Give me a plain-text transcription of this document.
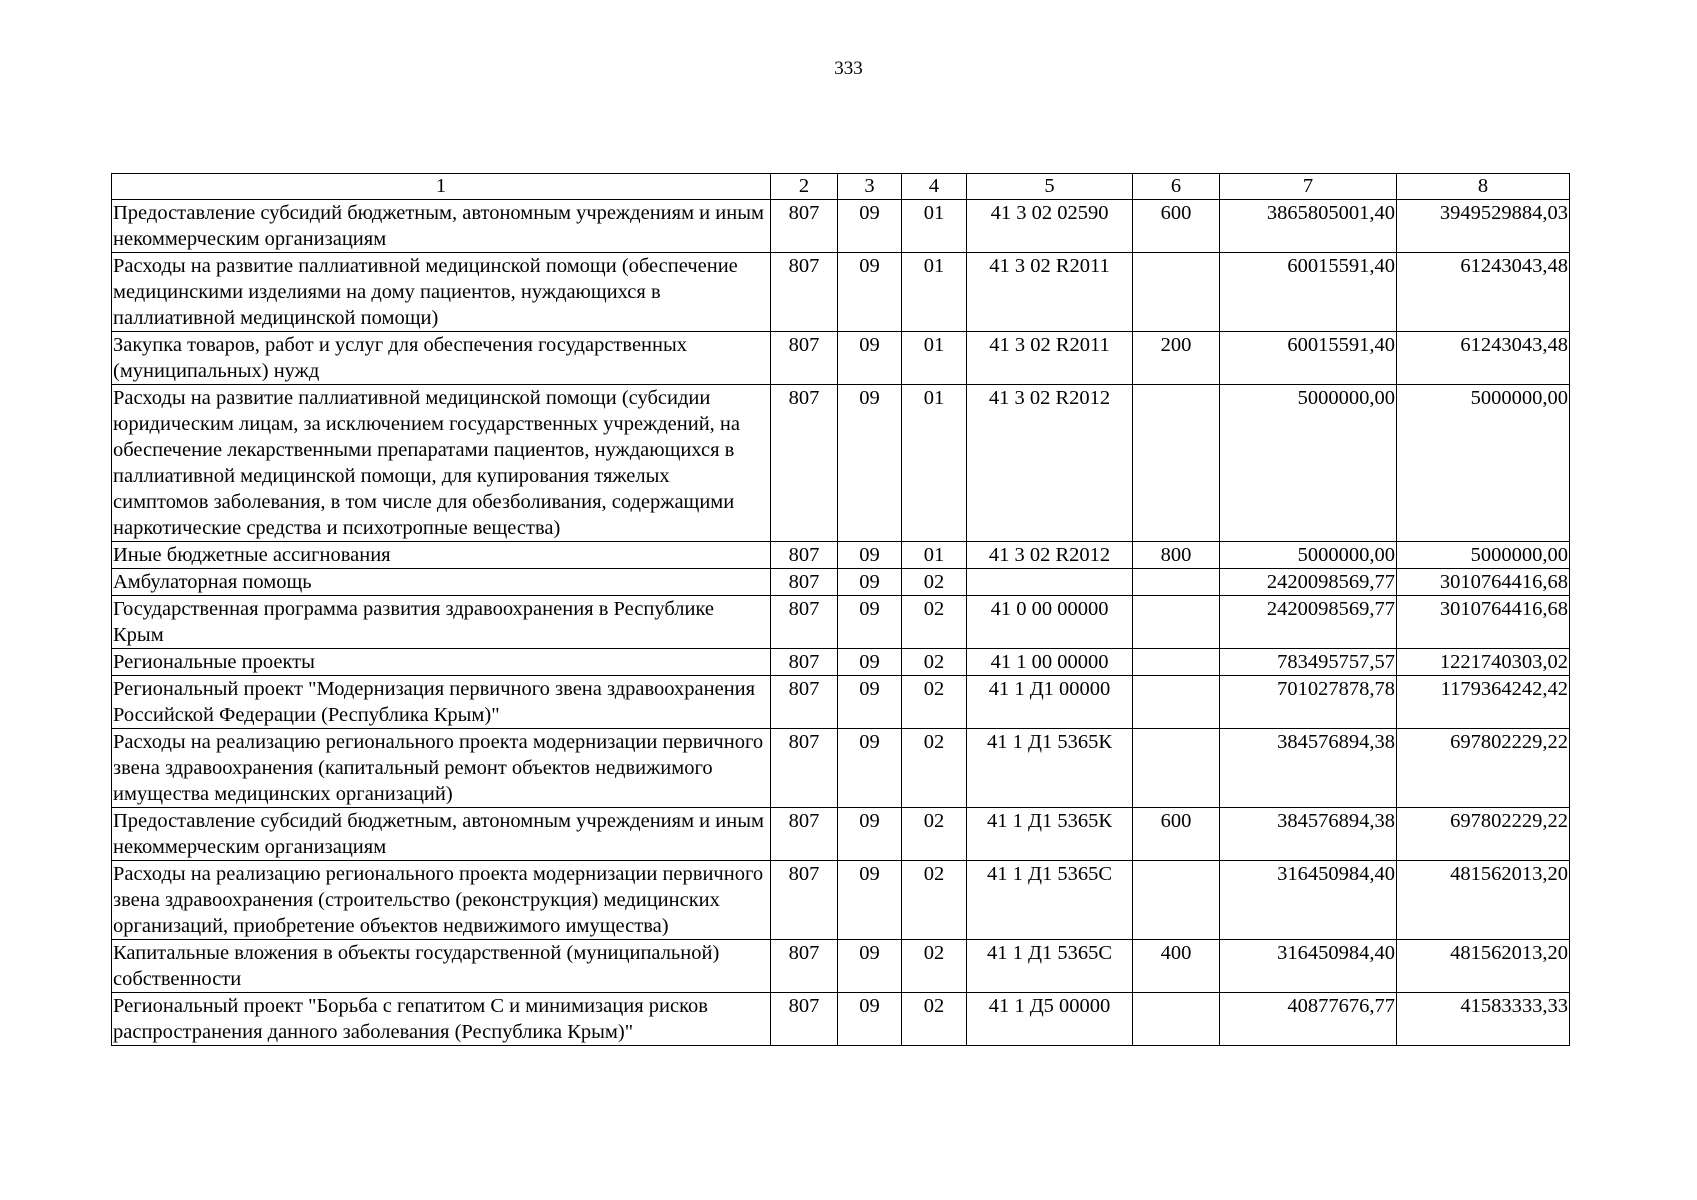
333
1	2	3	4	5	6	7	8
Предоставление субсидий бюджетным, автономным учреждениям и иным некоммерческим организациям	807	09	01	41 3 02 02590	600	3865805001,40	3949529884,03
Расходы на развитие паллиативной медицинской помощи (обеспечение медицинскими изделиями на дому пациентов, нуждающихся в паллиативной медицинской помощи)	807	09	01	41 3 02 R2011		60015591,40	61243043,48
Закупка товаров, работ и услуг для обеспечения государственных (муниципальных) нужд	807	09	01	41 3 02 R2011	200	60015591,40	61243043,48
Расходы на развитие паллиативной медицинской помощи (субсидии юридическим лицам, за исключением государственных учреждений, на обеспечение лекарственными препаратами пациентов, нуждающихся в паллиативной медицинской помощи, для купирования тяжелых симптомов заболевания, в том числе для обезболивания, содержащими наркотические средства и психотропные вещества)	807	09	01	41 3 02 R2012		5000000,00	5000000,00
Иные бюджетные ассигнования	807	09	01	41 3 02 R2012	800	5000000,00	5000000,00
Амбулаторная помощь	807	09	02			2420098569,77	3010764416,68
Государственная программа развития здравоохранения в Республике Крым	807	09	02	41 0 00 00000		2420098569,77	3010764416,68
Региональные проекты	807	09	02	41 1 00 00000		783495757,57	1221740303,02
Региональный проект "Модернизация первичного звена здравоохранения Российской Федерации (Республика Крым)"	807	09	02	41 1 Д1 00000		701027878,78	1179364242,42
Расходы на реализацию регионального проекта модернизации первичного звена здравоохранения (капитальный ремонт объектов недвижимого имущества медицинских организаций)	807	09	02	41 1 Д1 5365К		384576894,38	697802229,22
Предоставление субсидий бюджетным, автономным учреждениям и иным некоммерческим организациям	807	09	02	41 1 Д1 5365К	600	384576894,38	697802229,22
Расходы на реализацию регионального проекта модернизации первичного звена здравоохранения (строительство (реконструкция) медицинских организаций, приобретение объектов недвижимого имущества)	807	09	02	41 1 Д1 5365С		316450984,40	481562013,20
Капитальные вложения в объекты государственной (муниципальной) собственности	807	09	02	41 1 Д1 5365С	400	316450984,40	481562013,20
Региональный проект "Борьба с гепатитом С и минимизация рисков распространения данного заболевания (Республика Крым)"	807	09	02	41 1 Д5 00000		40877676,77	41583333,33
